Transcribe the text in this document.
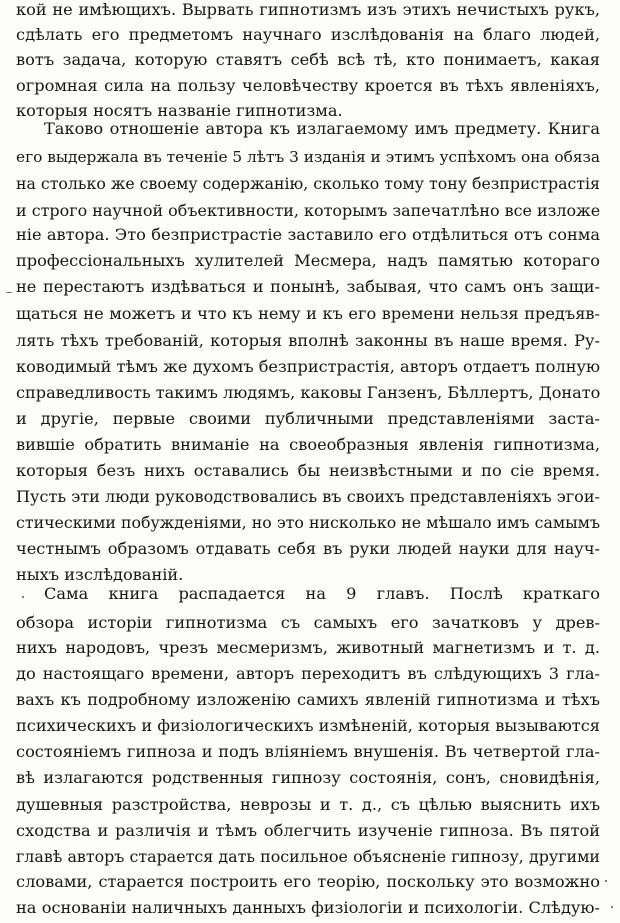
кой не имѣющихъ. Вырвать гипнотизмъ изъ этихъ нечистыхъ рукъ,

сдѣлать его предметомъ научнаго изслѣдованія на благо людей,

вотъ задача, которую ставятъ себѣ всѣ тѣ, кто понимаетъ, какая

огромная сила на пользу человѣчеству кроется въ тѣхъ явленіяхъ,

которыя носятъ названіе гипнотизма.

Таково отношеніе автора къ излагаемому имъ предмету. Книга

его выдержала въ теченіе 5 лѣтъ 3 изданія и этимъ успѣхомъ она обяза

на столько же своему содержанію, сколько тому тону безпристрастія

и строго научной объективности, которымъ запечатлѣно все изложе

ніе автора. Это безпристрастіе заставило его отдѣлиться отъ сонма

профессіональныхъ хулителей Месмера, надъ памятью котораго

не перестаютъ издѣваться и понынѣ, забывая, что самъ онъ защи-

щаться не можетъ и что къ нему и къ его времени нельзя предъяв-

лять тѣхъ требованій, которыя вполнѣ законны въ наше время. Ру-

ководимый тѣмъ же духомъ безпристрастія, авторъ отдаетъ полную

справедливость такимъ людямъ, каковы Ганзенъ, Бѣллертъ, Донато

и другіе, первые своими публичными представленіями заста-

вившіе обратить вниманіе на своеобразныя явленія гипнотизма,

которыя безъ нихъ оставались бы неизвѣстными и по сіе время.

Пусть эти люди руководствовались въ своихъ представленіяхъ эгои-

стическими побужденіями, но это нисколько не мѣшало имъ самымъ

честнымъ образомъ отдавать себя въ руки людей науки для науч-

ныхъ изслѣдованій.

Сама книга распадается на 9 главъ. Послѣ краткаго

обзора исторіи гипнотизма съ самыхъ его зачатковъ у древ-

нихъ народовъ, чрезъ месмеризмъ, животный магнетизмъ и т. д.

до настоящаго времени, авторъ переходитъ въ слѣдующихъ 3 гла-

вахъ къ подробному изложенію самихъ явленій гипнотизма и тѣхъ

психическихъ и физіологическихъ измѣненій, которыя вызываются

состояніемъ гипноза и подъ вліяніемъ внушенія. Въ четвертой гла-

вѣ излагаются родственныя гипнозу состоянія, сонъ, сновидѣнія,

душевныя разстройства, неврозы и т. д., съ цѣлью выяснить ихъ

сходства и различія и тѣмъ облегчить изученіе гипноза. Въ пятой

главѣ авторъ старается дать посильное объясненіе гипнозу, другими

словами, старается построить его теорію, поскольку это возможно

на основаніи наличныхъ данныхъ физіологіи и психологіи. Слѣдую-
